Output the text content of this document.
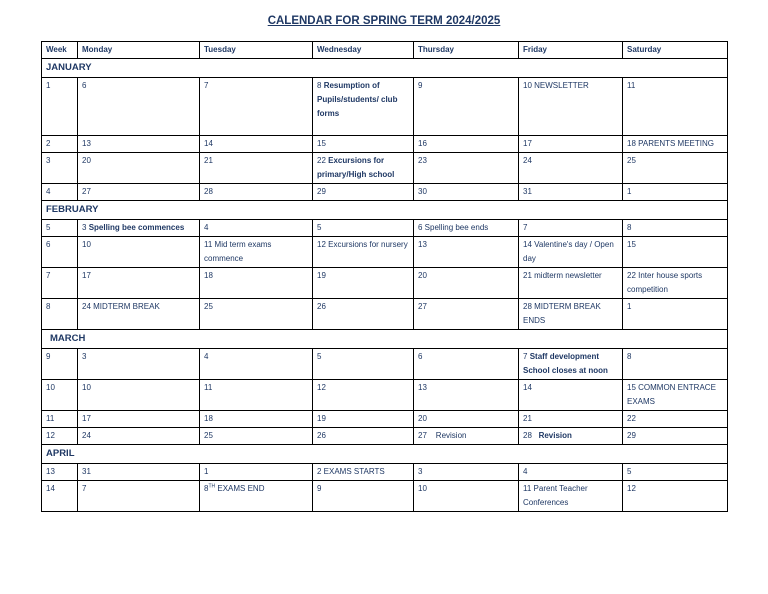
CALENDAR FOR SPRING TERM 2024/2025
Week	Monday	Tuesday	Wednesday	Thursday	Friday	Saturday
JANUARY						
1	6	7	8 Resumption of Pupils/students/ club forms	9	10 NEWSLETTER	11
2	13	14	15	16	17	18 PARENTS MEETING
3	20	21	22 Excursions for primary/High school	23	24	25
4	27	28	29	30	31	1
FEBRUARY						
5	3 Spelling bee commences	4	5	6 Spelling bee ends	7	8
6	10	11 Mid term exams commence	12 Excursions for nursery	13	14 Valentine's day / Open day	15
7	17	18	19	20	21 midterm newsletter	22 Inter house sports competition
8	24 MIDTERM BREAK	25	26	27	28 MIDTERM BREAK ENDS	1
MARCH						
9	3	4	5	6	7 Staff development School closes at noon	8
10	10	11	12	13	14	15 COMMON ENTRACE EXAMS
11	17	18	19	20	21	22
12	24	25	26	27    Revision	28 Revision	29
APRIL						
13	31	1	2 EXAMS STARTS	3	4	5
14	7	8TH EXAMS END	9	10	11 Parent Teacher Conferences	12
